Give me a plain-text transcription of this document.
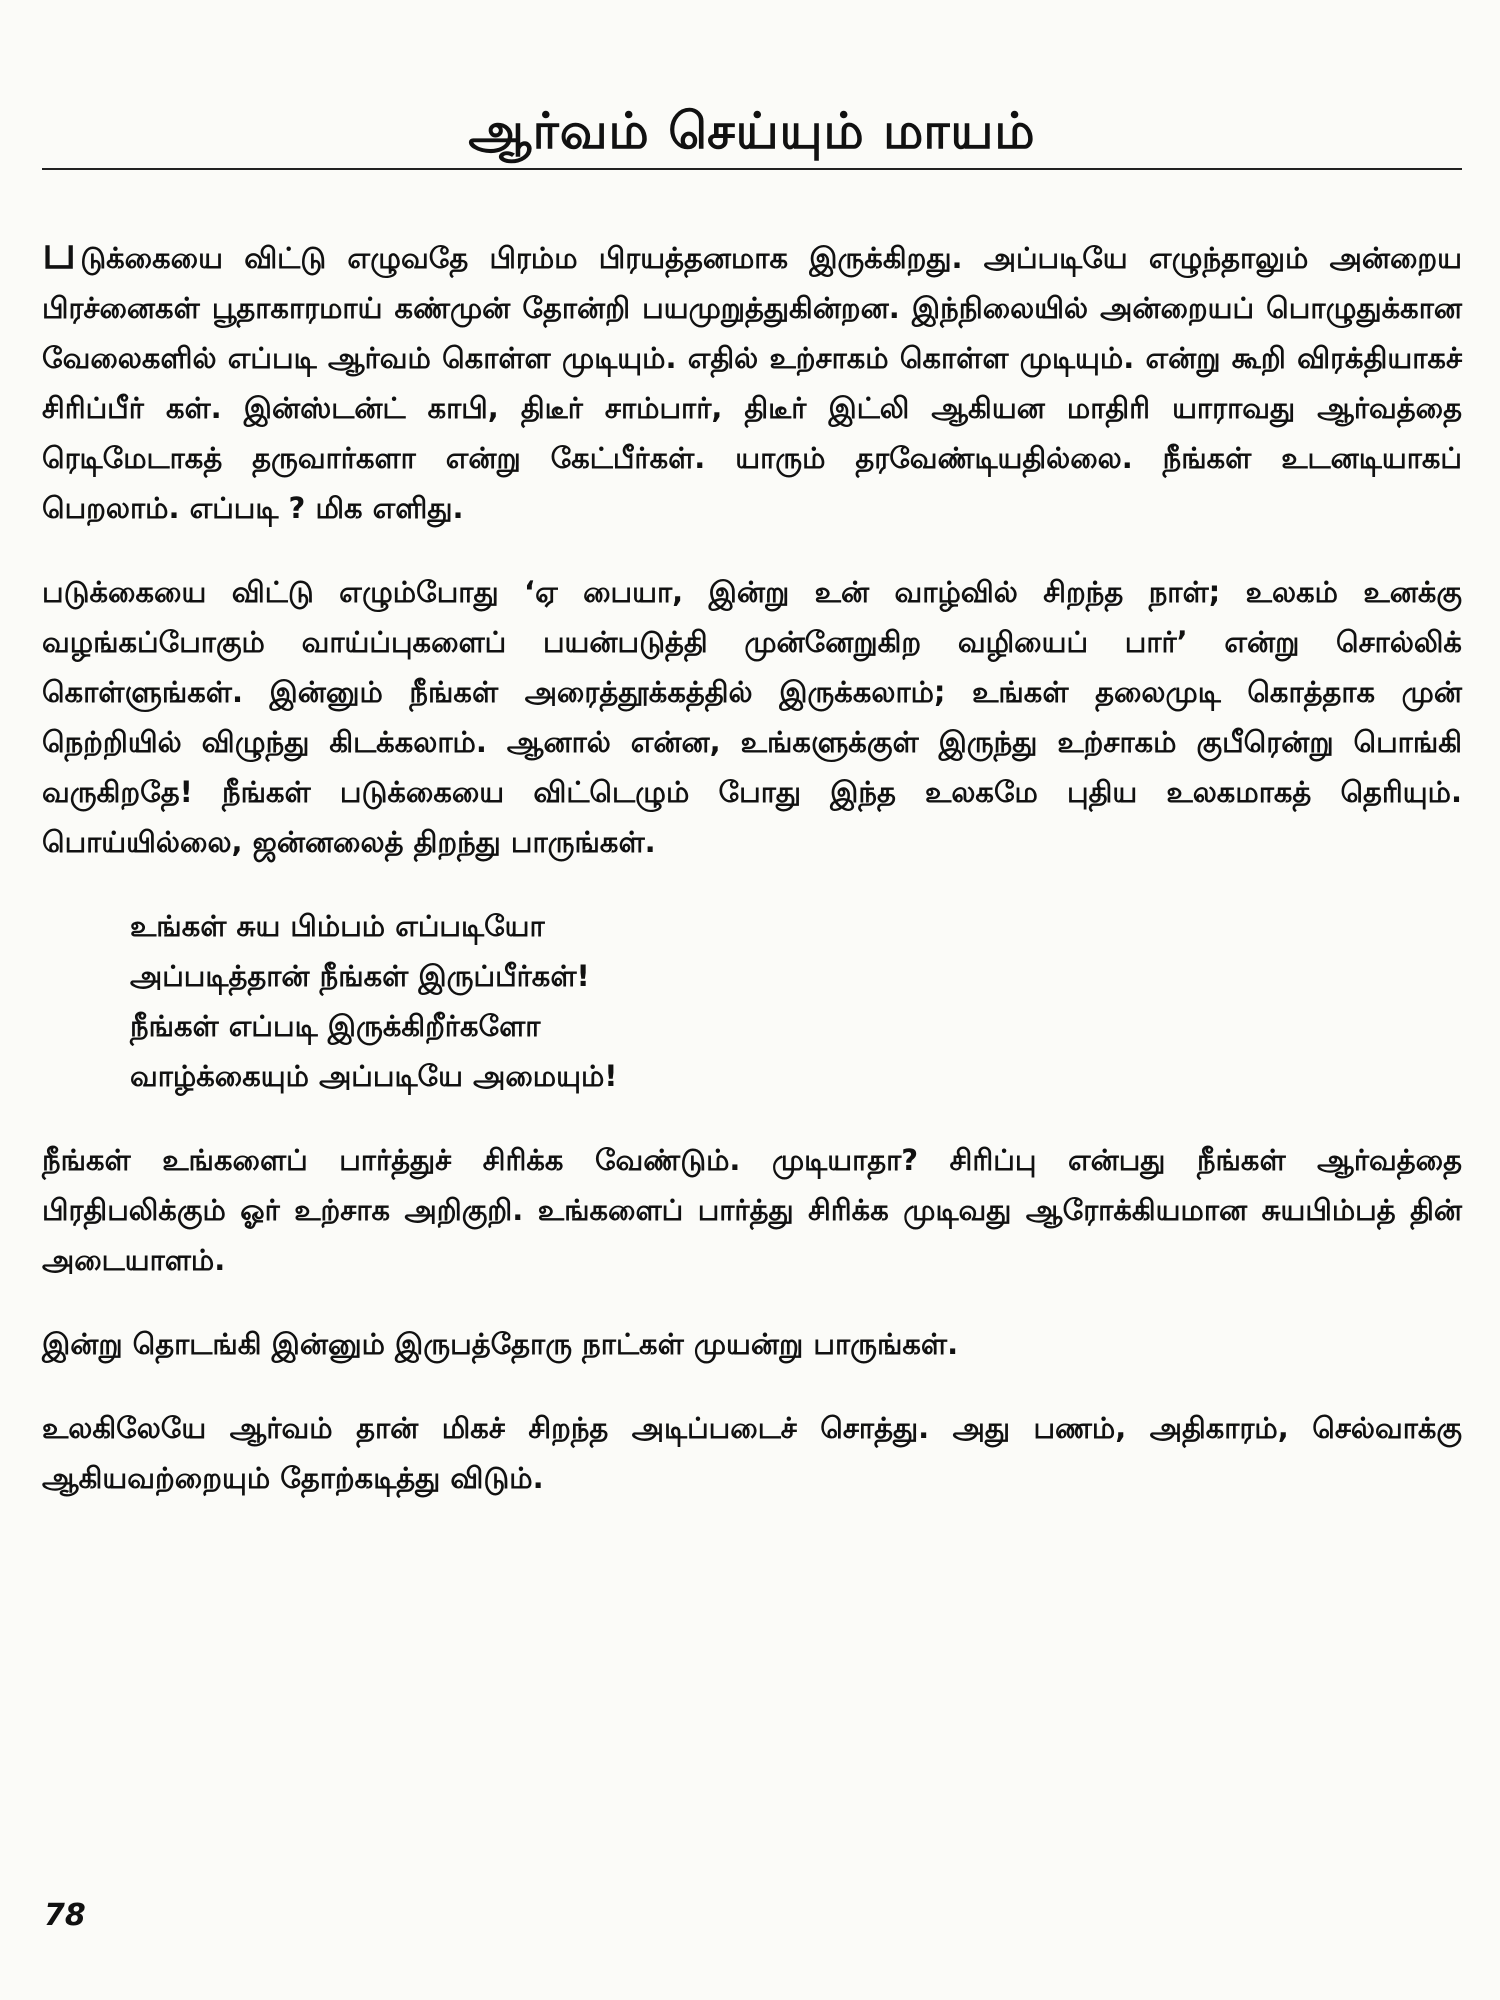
ஆர்வம் செய்யும் மாயம்

படுக்கையை விட்டு எழுவதே பிரம்ம பிரயத்தனமாக இருக்கிறது. அப்படியே எழுந்தாலும் அன்றைய பிரச்னைகள் பூதாகாரமாய் கண்முன் தோன்றி பயமுறுத்துகின்றன. இந்நிலையில் அன்றையப் பொழுதுக்கான வேலைகளில் எப்படி ஆர்வம் கொள்ள முடியும். எதில் உற்சாகம் கொள்ள முடியும். என்று கூறி விரக்தியாகச் சிரிப்பீர் கள். இன்ஸ்டன்ட் காபி, திடீர் சாம்பார், திடீர் இட்லி ஆகியன மாதிரி யாராவது ஆர்வத்தை ரெடிமேடாகத் தருவார்களா என்று கேட்பீர்கள். யாரும் தரவேண்டியதில்லை. நீங்கள் உடனடியாகப் பெறலாம். எப்படி ? மிக எளிது.

படுக்கையை விட்டு எழும்போது ‘ஏ பையா, இன்று உன் வாழ்வில் சிறந்த நாள்; உலகம் உனக்கு வழங்கப்போகும் வாய்ப்புகளைப் பயன்படுத்தி முன்னேறுகிற வழியைப் பார்’ என்று சொல்லிக் கொள்ளுங்கள். இன்னும் நீங்கள் அரைத்தூக்கத்தில் இருக்கலாம்; உங்கள் தலைமுடி கொத்தாக முன் நெற்றியில் விழுந்து கிடக்கலாம். ஆனால் என்ன, உங்களுக்குள் இருந்து உற்சாகம் குபீரென்று பொங்கி வருகிறதே! நீங்கள் படுக்கையை விட்டெழும் போது இந்த உலகமே புதிய உலகமாகத் தெரியும். பொய்யில்லை, ஜன்னலைத் திறந்து பாருங்கள்.

உங்கள் சுய பிம்பம் எப்படியோ
அப்படித்தான் நீங்கள் இருப்பீர்கள்!
நீங்கள் எப்படி இருக்கிறீர்களோ
வாழ்க்கையும் அப்படியே அமையும்!

நீங்கள் உங்களைப் பார்த்துச் சிரிக்க வேண்டும். முடியாதா? சிரிப்பு என்பது நீங்கள் ஆர்வத்தை பிரதிபலிக்கும் ஓர் உற்சாக அறிகுறி. உங்களைப் பார்த்து சிரிக்க முடிவது ஆரோக்கியமான சுயபிம்பத் தின் அடையாளம்.

இன்று தொடங்கி இன்னும் இருபத்தோரு நாட்கள் முயன்று பாருங்கள்.

உலகிலேயே ஆர்வம் தான் மிகச் சிறந்த அடிப்படைச் சொத்து. அது பணம், அதிகாரம், செல்வாக்கு ஆகியவற்றையும் தோற்கடித்து விடும்.

78
